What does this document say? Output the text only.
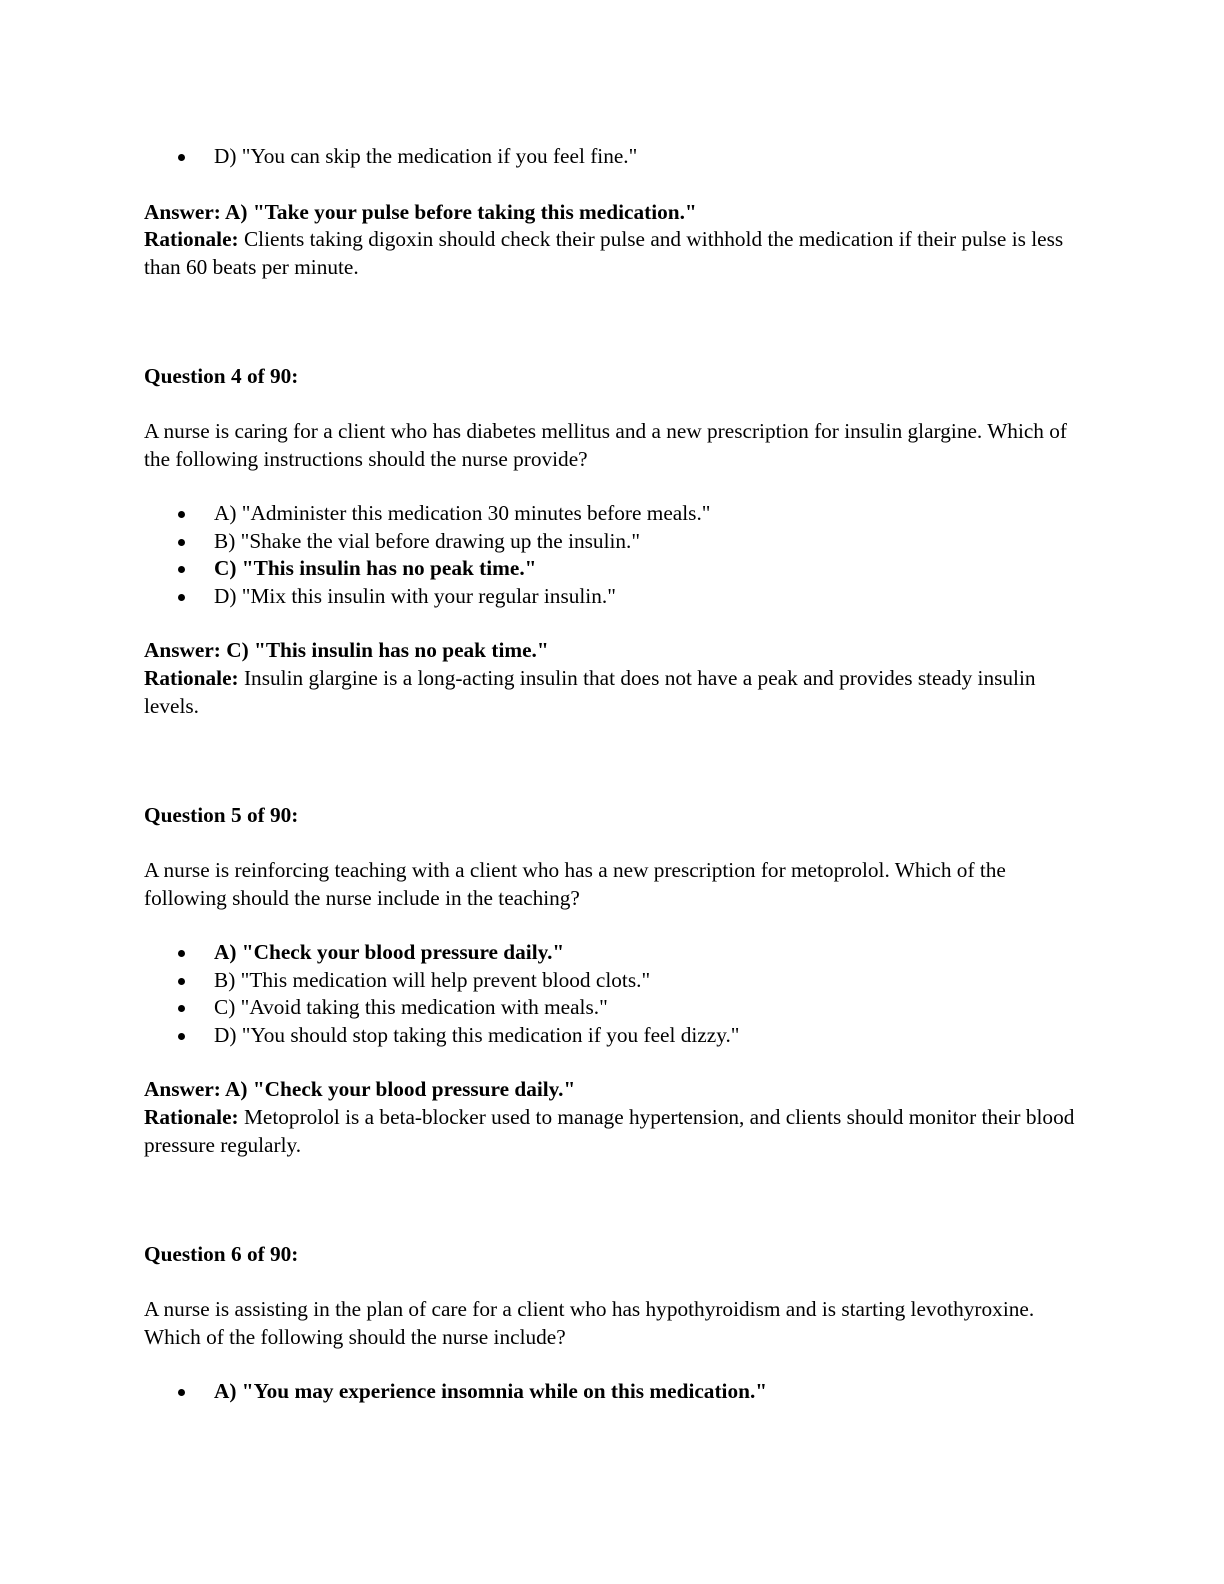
D) "You can skip the medication if you feel fine."

Answer: A) "Take your pulse before taking this medication."

Rationale: Clients taking digoxin should check their pulse and withhold the medication if their pulse is less than 60 beats per minute.

Question 4 of 90:

A nurse is caring for a client who has diabetes mellitus and a new prescription for insulin glargine. Which of the following instructions should the nurse provide?

A) "Administer this medication 30 minutes before meals."
B) "Shake the vial before drawing up the insulin."
C) "This insulin has no peak time."
D) "Mix this insulin with your regular insulin."

Answer: C) "This insulin has no peak time."

Rationale: Insulin glargine is a long-acting insulin that does not have a peak and provides steady insulin levels.

Question 5 of 90:

A nurse is reinforcing teaching with a client who has a new prescription for metoprolol. Which of the following should the nurse include in the teaching?

A) "Check your blood pressure daily."
B) "This medication will help prevent blood clots."
C) "Avoid taking this medication with meals."
D) "You should stop taking this medication if you feel dizzy."

Answer: A) "Check your blood pressure daily."

Rationale: Metoprolol is a beta-blocker used to manage hypertension, and clients should monitor their blood pressure regularly.

Question 6 of 90:

A nurse is assisting in the plan of care for a client who has hypothyroidism and is starting levothyroxine. Which of the following should the nurse include?

A) "You may experience insomnia while on this medication."
